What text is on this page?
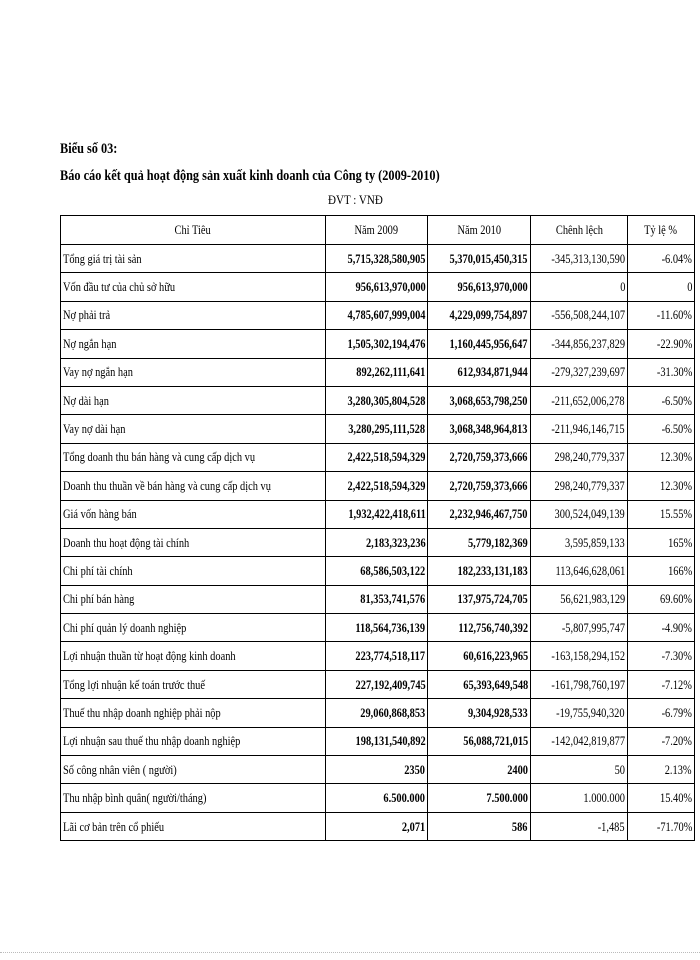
Biểu số 03:
Báo cáo kết quả hoạt động sản xuất kinh doanh của Công ty (2009-2010)
ĐVT : VNĐ
Chỉ Tiêu	Năm 2009	Năm 2010	Chênh lệch	Tỷ lệ %
Tổng giá trị tài sản	5,715,328,580,905	5,370,015,450,315	-345,313,130,590	-6.04%
Vốn đầu tư của chủ sở hữu	956,613,970,000	956,613,970,000	0	0
Nợ phải trả	4,785,607,999,004	4,229,099,754,897	-556,508,244,107	-11.60%
Nợ ngắn hạn	1,505,302,194,476	1,160,445,956,647	-344,856,237,829	-22.90%
Vay nợ ngắn hạn	892,262,111,641	612,934,871,944	-279,327,239,697	-31.30%
Nợ dài hạn	3,280,305,804,528	3,068,653,798,250	-211,652,006,278	-6.50%
Vay nợ dài hạn	3,280,295,111,528	3,068,348,964,813	-211,946,146,715	-6.50%
Tổng doanh thu bán hàng và cung cấp dịch vụ	2,422,518,594,329	2,720,759,373,666	298,240,779,337	12.30%
Doanh thu thuần về bán hàng và cung cấp dịch vụ	2,422,518,594,329	2,720,759,373,666	298,240,779,337	12.30%
Giá vốn hàng bán	1,932,422,418,611	2,232,946,467,750	300,524,049,139	15.55%
Doanh thu hoạt động tài chính	2,183,323,236	5,779,182,369	3,595,859,133	165%
Chi phí tài chính	68,586,503,122	182,233,131,183	113,646,628,061	166%
Chi phí bán hàng	81,353,741,576	137,975,724,705	56,621,983,129	69.60%
Chi phí quản lý doanh nghiệp	118,564,736,139	112,756,740,392	-5,807,995,747	-4.90%
Lợi nhuận thuần từ hoạt động kinh doanh	223,774,518,117	60,616,223,965	-163,158,294,152	-7.30%
Tổng lợi nhuận kế toán trước thuế	227,192,409,745	65,393,649,548	-161,798,760,197	-7.12%
Thuế thu nhập doanh nghiệp phải nộp	29,060,868,853	9,304,928,533	-19,755,940,320	-6.79%
Lợi nhuận sau thuế thu nhập doanh nghiệp	198,131,540,892	56,088,721,015	-142,042,819,877	-7.20%
Số công nhân viên ( người)	2350	2400	50	2.13%
Thu nhập bình quân( người/tháng)	6.500.000	7.500.000	1.000.000	15.40%
Lãi cơ bản trên cổ phiếu	2,071	586	-1,485	-71.70%
